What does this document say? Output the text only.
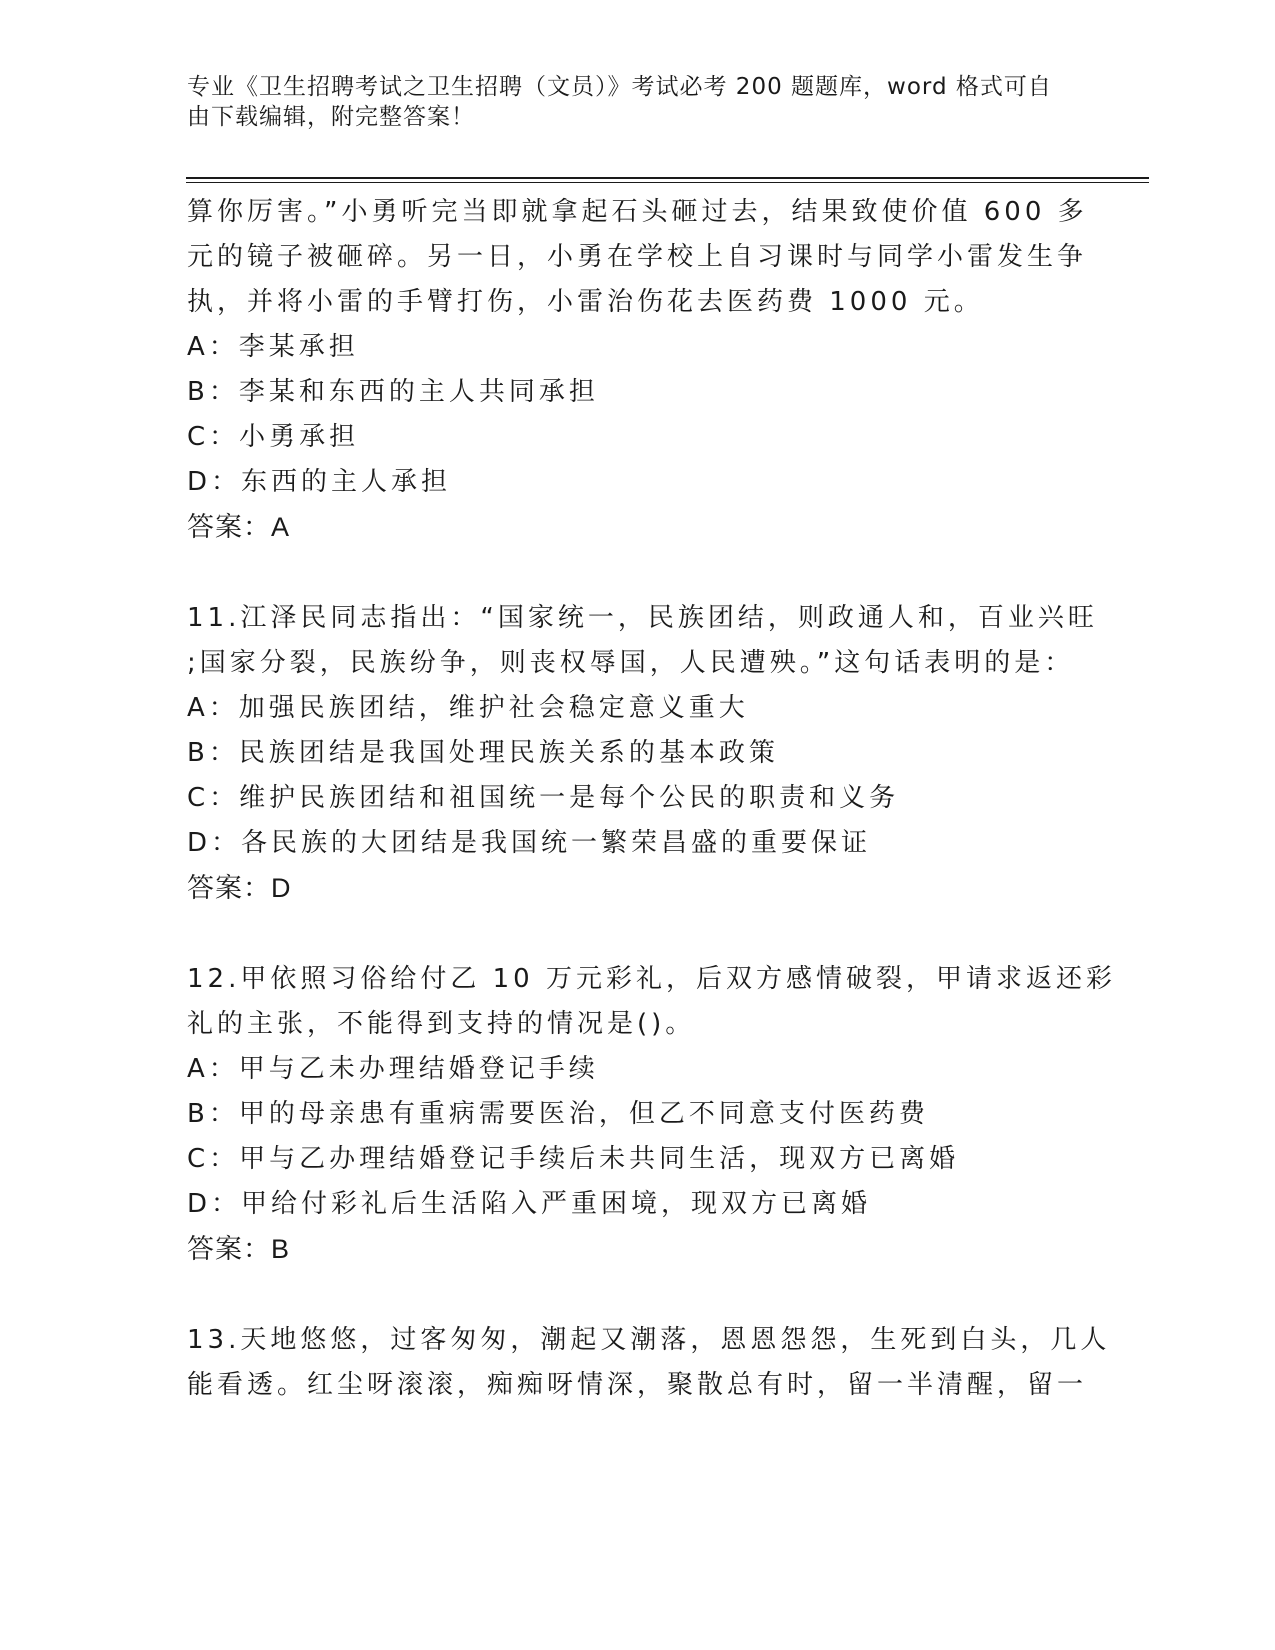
专业《卫生招聘考试之卫生招聘（文员）》考试必考 200 题题库，word 格式可自
由下载编辑，附完整答案！
算你厉害。”小勇听完当即就拿起石头砸过去，结果致使价值 600 多
元的镜子被砸碎。另一日，小勇在学校上自习课时与同学小雷发生争
执，并将小雷的手臂打伤，小雷治伤花去医药费 1000 元。
A：李某承担
B：李某和东西的主人共同承担
C：小勇承担
D：东西的主人承担
答案：A
11.江泽民同志指出：“国家统一，民族团结，则政通人和，百业兴旺
;国家分裂，民族纷争，则丧权辱国，人民遭殃。”这句话表明的是：
A：加强民族团结，维护社会稳定意义重大
B：民族团结是我国处理民族关系的基本政策
C：维护民族团结和祖国统一是每个公民的职责和义务
D：各民族的大团结是我国统一繁荣昌盛的重要保证
答案：D
12.甲依照习俗给付乙 10 万元彩礼，后双方感情破裂，甲请求返还彩
礼的主张，不能得到支持的情况是()。
A：甲与乙未办理结婚登记手续
B：甲的母亲患有重病需要医治，但乙不同意支付医药费
C：甲与乙办理结婚登记手续后未共同生活，现双方已离婚
D：甲给付彩礼后生活陷入严重困境，现双方已离婚
答案：B
13.天地悠悠，过客匆匆，潮起又潮落，恩恩怨怨，生死到白头，几人
能看透。红尘呀滚滚，痴痴呀情深，聚散总有时，留一半清醒，留一
